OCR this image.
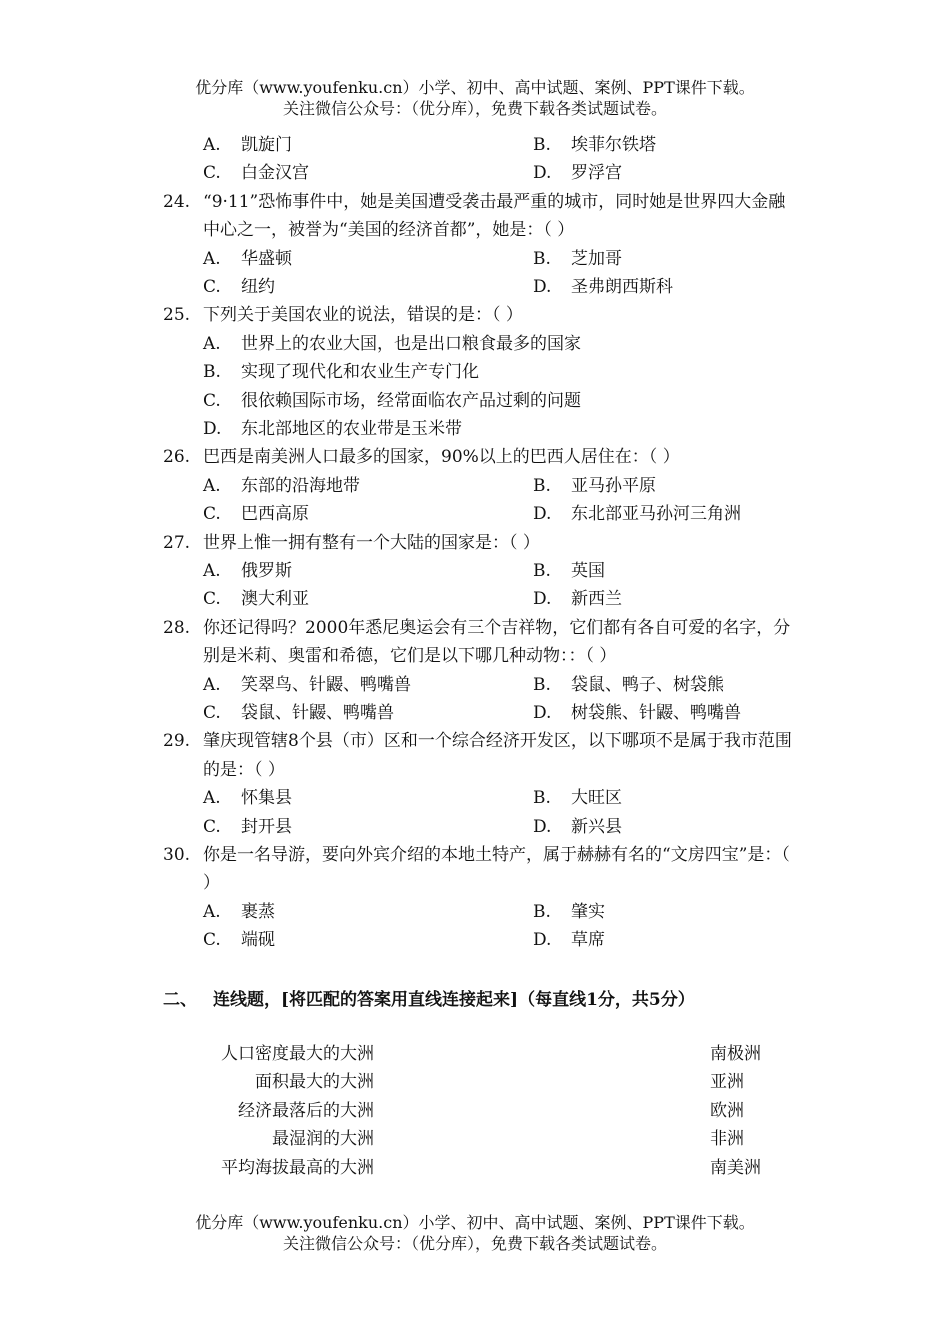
优分库（www.youfenku.cn）小学、初中、高中试题、案例、PPT课件下载。
关注微信公众号：（优分库），免费下载各类试题试卷。
A. 凯旋门	B. 埃菲尔铁塔
C. 白金汉宫	D. 罗浮宫
24. “9·11”恐怖事件中，她是美国遭受袭击最严重的城市，同时她是世界四大金融中心之一，被誉为“美国的经济首都”，她是：（ ）
A. 华盛顿	B. 芝加哥
C. 纽约	D. 圣弗朗西斯科
25. 下列关于美国农业的说法，错误的是：（ ）
A. 世界上的农业大国，也是出口粮食最多的国家
B. 实现了现代化和农业生产专门化
C. 很依赖国际市场，经常面临农产品过剩的问题
D. 东北部地区的农业带是玉米带
26. 巴西是南美洲人口最多的国家，90%以上的巴西人居住在：（ ）
A. 东部的沿海地带	B. 亚马孙平原
C. 巴西高原	D. 东北部亚马孙河三角洲
27. 世界上惟一拥有整有一个大陆的国家是：（ ）
A. 俄罗斯	B. 英国
C. 澳大利亚	D. 新西兰
28. 你还记得吗？2000年悉尼奥运会有三个吉祥物，它们都有各自可爱的名字，分别是米莉、奥雷和希德，它们是以下哪几种动物：：（ ）
A. 笑翠鸟、针鼹、鸭嘴兽	B. 袋鼠、鸭子、树袋熊
C. 袋鼠、针鼹、鸭嘴兽	D. 树袋熊、针鼹、鸭嘴兽
29. 肇庆现管辖8个县（市）区和一个综合经济开发区，以下哪项不是属于我市范围的是：（ ）
A. 怀集县	B. 大旺区
C. 封开县	D. 新兴县
30. 你是一名导游，要向外宾介绍的本地土特产，属于赫赫有名的“文房四宝”是：（ ）
A. 裹蒸	B. 肇实
C. 端砚	D. 草席
二、 连线题，[将匹配的答案用直线连接起来]（每直线1分，共5分）
人口密度最大的大洲	南极洲
面积最大的大洲	亚洲
经济最落后的大洲	欧洲
最湿润的大洲	非洲
平均海拔最高的大洲	南美洲
优分库（www.youfenku.cn）小学、初中、高中试题、案例、PPT课件下载。
关注微信公众号：（优分库），免费下载各类试题试卷。
